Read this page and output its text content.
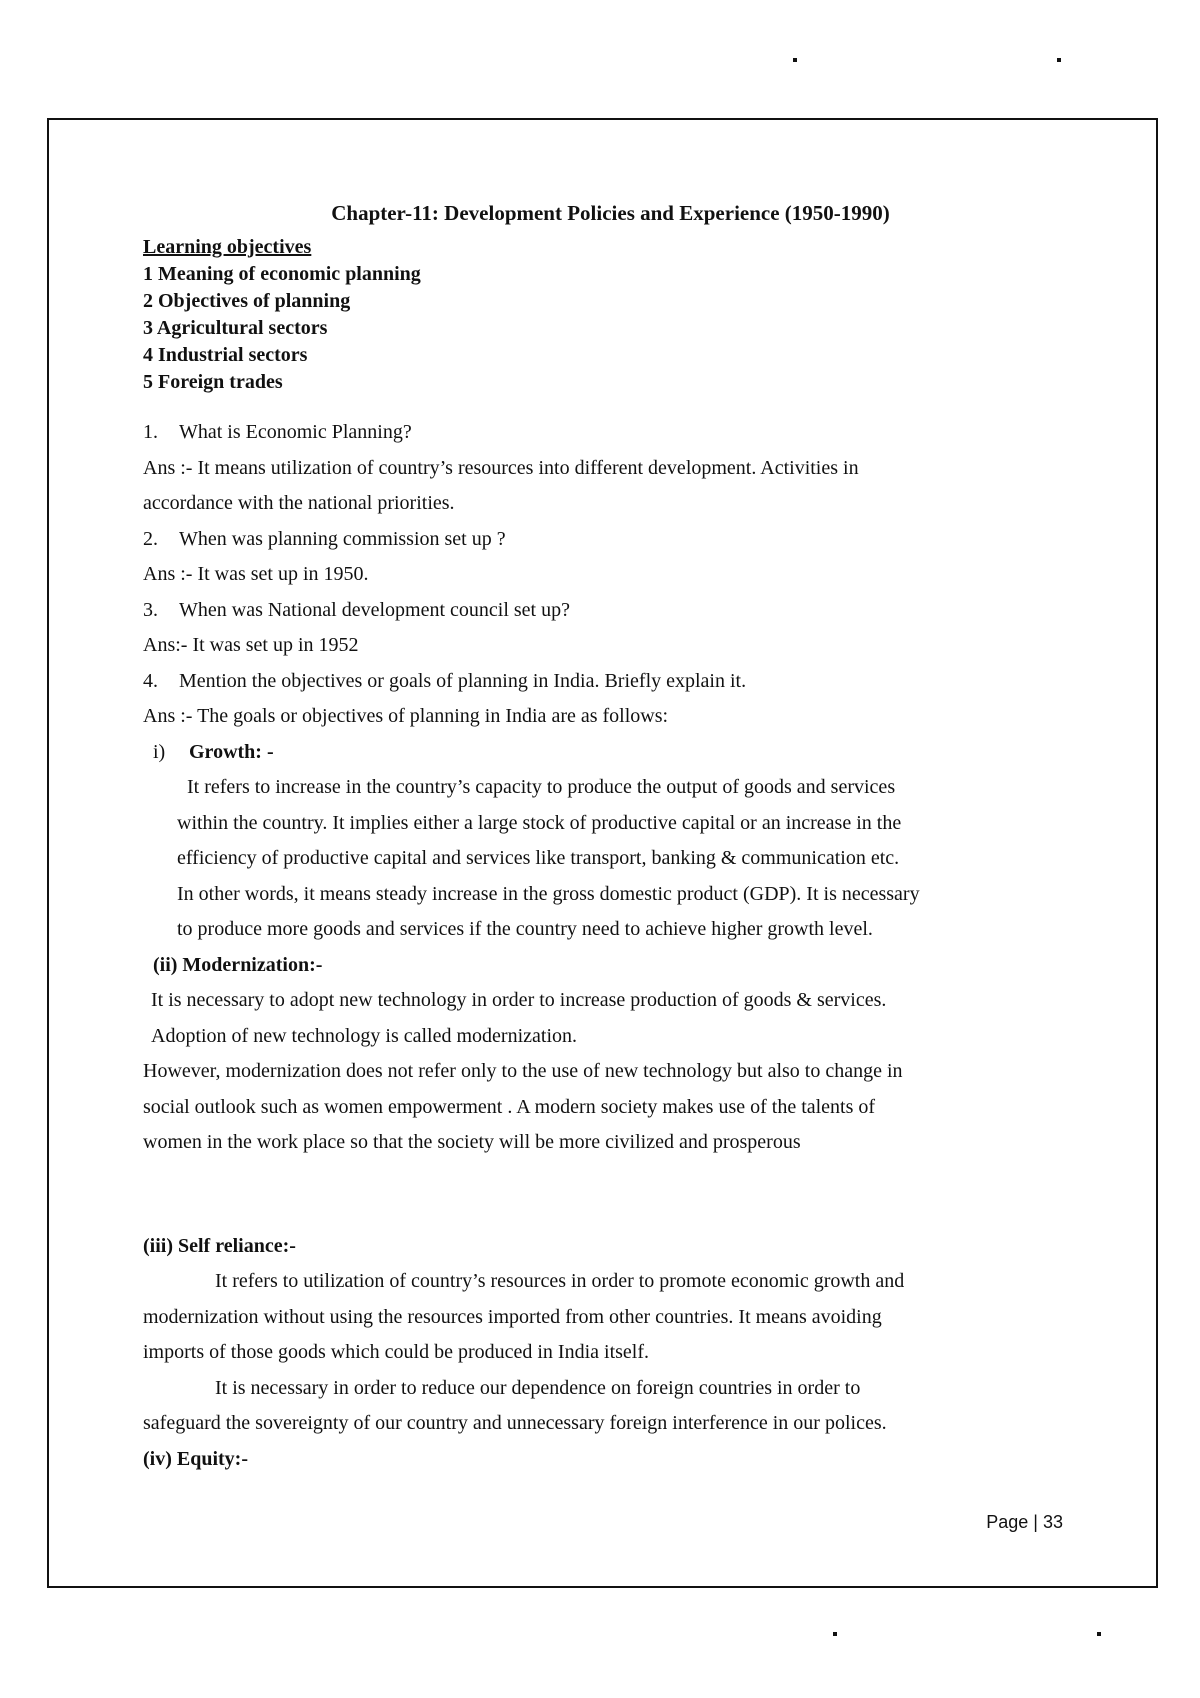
Chapter-11: Development Policies and Experience (1950-1990)
Learning objectives
1 Meaning of economic planning
2 Objectives of planning
3 Agricultural sectors
4 Industrial sectors
5 Foreign trades
1. What is Economic Planning?
Ans :- It means utilization of country’s resources into different development. Activities in
accordance with the national priorities.
2. When was planning commission set up ?
Ans :- It was set up in 1950.
3. When was National development council set up?
Ans:- It was set up in 1952
4. Mention the objectives or goals of planning in India. Briefly explain it.
Ans :- The goals or objectives of planning in India are as follows:
i) Growth: -
It refers to increase in the country’s capacity to produce the output of goods and services
within the country. It implies either a large stock of productive capital or an increase in the
efficiency of productive capital and services like transport, banking & communication etc.
In other words, it means steady increase in the gross domestic product (GDP). It is necessary
to produce more goods and services if the country need to achieve higher growth level.
(ii) Modernization:-
It is necessary to adopt new technology in order to increase production of goods & services.
Adoption of new technology is called modernization.
However, modernization does not refer only to the use of new technology but also to change in
social outlook such as women empowerment . A modern society makes use of the talents of
women in the work place so that the society will be more civilized and prosperous
(iii) Self reliance:-
It refers to utilization of country’s resources in order to promote economic growth and
modernization without using the resources imported from other countries. It means avoiding
imports of those goods which could be produced in India itself.
It is necessary in order to reduce our dependence on foreign countries in order to
safeguard the sovereignty of our country and unnecessary foreign interference in our polices.
(iv) Equity:-
Page | 33
